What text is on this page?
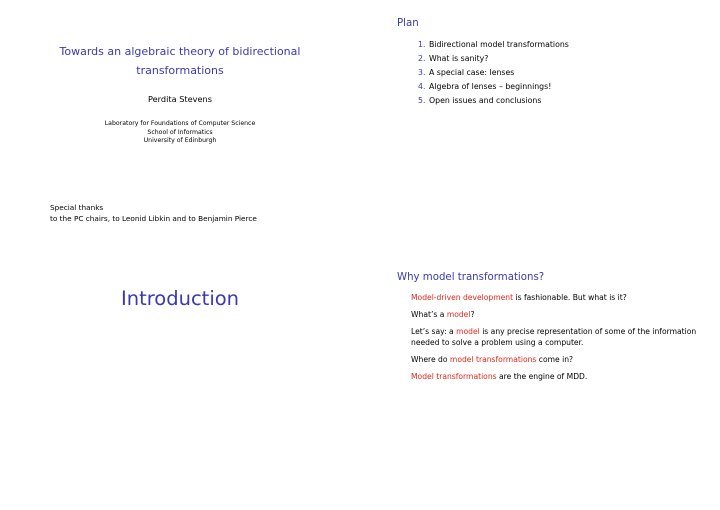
Towards an algebraic theory of bidirectional
transformations
Perdita Stevens
Laboratory for Foundations of Computer Science
School of Informatics
University of Edinburgh
Special thanks
to the PC chairs, to Leonid Libkin and to Benjamin Pierce
Plan
1. Bidirectional model transformations
2. What is sanity?
3. A special case: lenses
4. Algebra of lenses – beginnings!
5. Open issues and conclusions
Introduction
Why model transformations?

Model-driven development is fashionable. But what is it?

What’s a model?

Let’s say: a model is any precise representation of some of the information needed to solve a problem using a computer.

Where do model transformations come in?

Model transformations are the engine of MDD.
